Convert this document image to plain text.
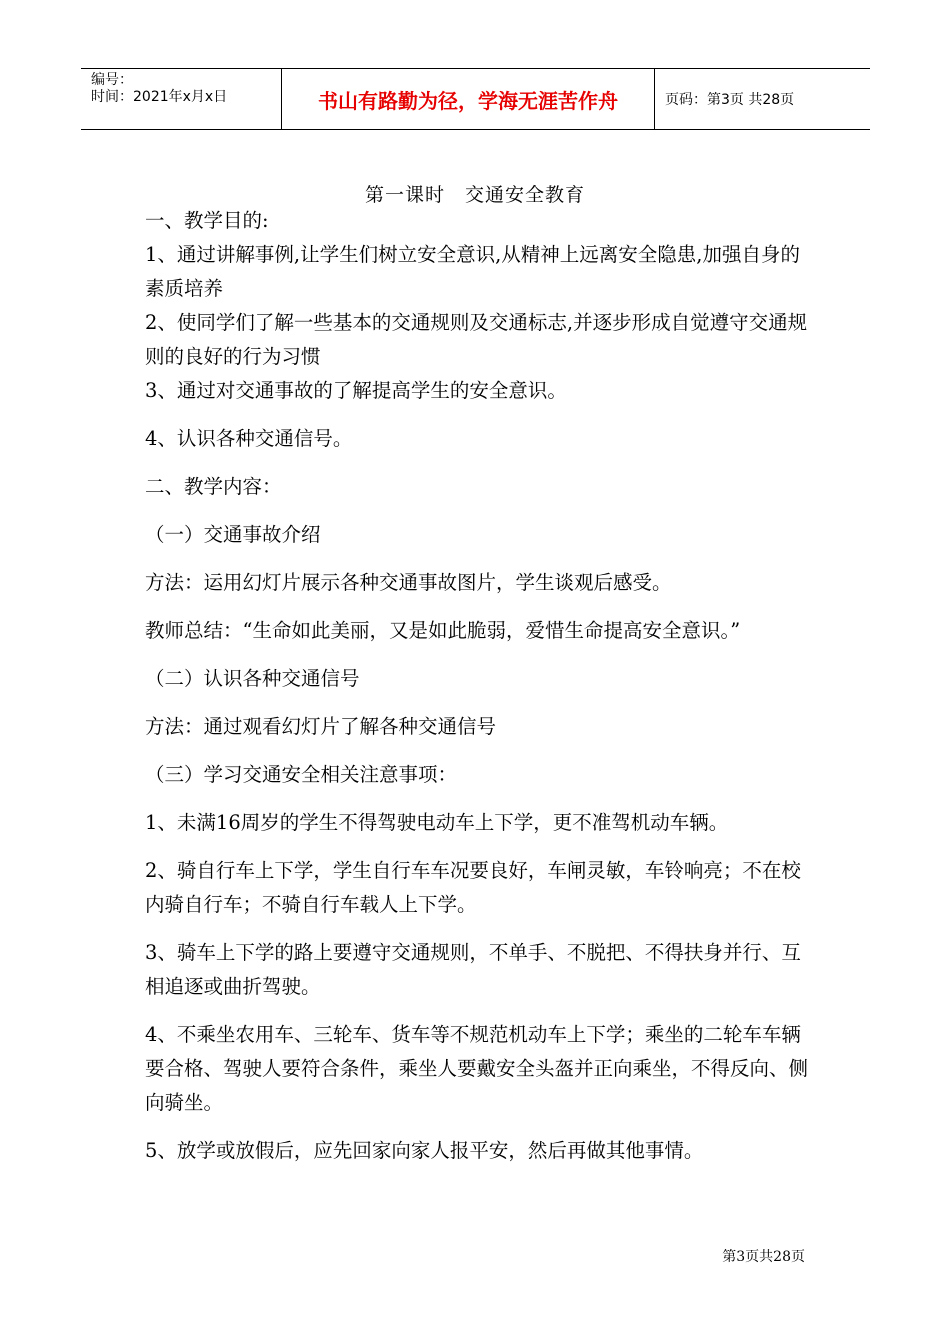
编号：
时间：2021年x月x日	书山有路勤为径，学海无涯苦作舟	页码：第3页 共28页
第一课时　交通安全教育

一、教学目的:

1、通过讲解事例,让学生们树立安全意识,从精神上远离安全隐患,加强自身的素质培养

2、使同学们了解一些基本的交通规则及交通标志,并逐步形成自觉遵守交通规则的良好的行为习惯

3、通过对交通事故的了解提高学生的安全意识。

4、认识各种交通信号。

二、教学内容：

（一）交通事故介绍

方法：运用幻灯片展示各种交通事故图片，学生谈观后感受。

教师总结：“生命如此美丽，又是如此脆弱，爱惜生命提高安全意识。”

（二）认识各种交通信号

方法：通过观看幻灯片了解各种交通信号

（三）学习交通安全相关注意事项：

1、未满16周岁的学生不得驾驶电动车上下学，更不准驾机动车辆。

2、骑自行车上下学，学生自行车车况要良好，车闸灵敏，车铃响亮；不在校内骑自行车；不骑自行车载人上下学。

3、骑车上下学的路上要遵守交通规则，不单手、不脱把、不得扶身并行、互相追逐或曲折驾驶。

4、不乘坐农用车、三轮车、货车等不规范机动车上下学；乘坐的二轮车车辆要合格、驾驶人要符合条件，乘坐人要戴安全头盔并正向乘坐，不得反向、侧向骑坐。

5、放学或放假后，应先回家向家人报平安，然后再做其他事情。

第3页共28页
